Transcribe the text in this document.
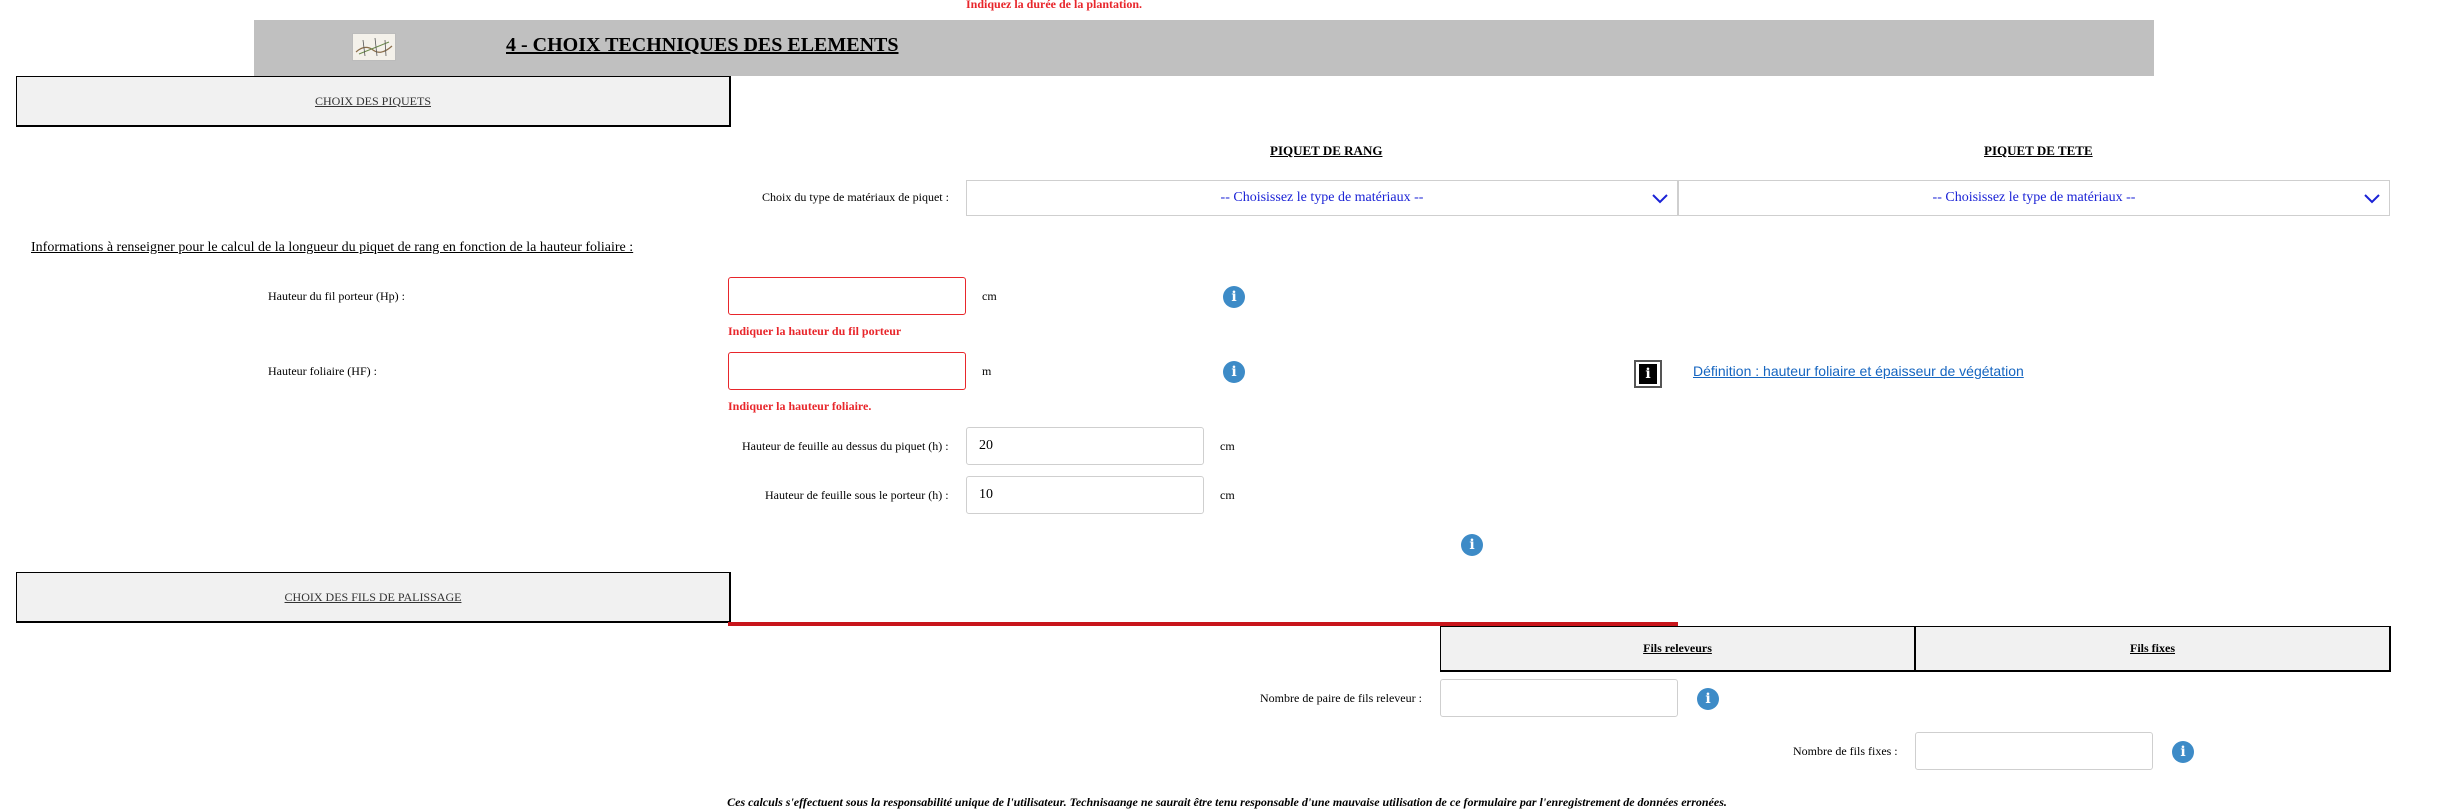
Indiquez la durée de la plantation.
4 - CHOIX TECHNIQUES DES ELEMENTS
CHOIX DES PIQUETS
PIQUET DE RANG	PIQUET DE TETE
Choix du type de matériaux de piquet :	-- Choisissez le type de matériaux --	-- Choisissez le type de matériaux --
Informations à renseigner pour le calcul de la longueur du piquet de rang en fonction de la hauteur foliaire :
Hauteur du fil porteur (Hp) :	cm	i
Indiquer la hauteur du fil porteur
Hauteur foliaire (HF) :	m	i
Indiquer la hauteur foliaire.
i	Définition : hauteur foliaire et épaisseur de végétation
Hauteur de feuille au dessus du piquet (h) :	20	cm
Hauteur de feuille sous le porteur (h) :	10	cm
i
CHOIX DES FILS DE PALISSAGE
Fils releveurs	Fils fixes
Nombre de paire de fils releveur :	i
Nombre de fils fixes :	i
Ces calculs s'effectuent sous la responsabilité unique de l'utilisateur. Technisaange ne saurait être tenu responsable d'une mauvaise utilisation de ce formulaire par l'enregistrement de données erronées.
